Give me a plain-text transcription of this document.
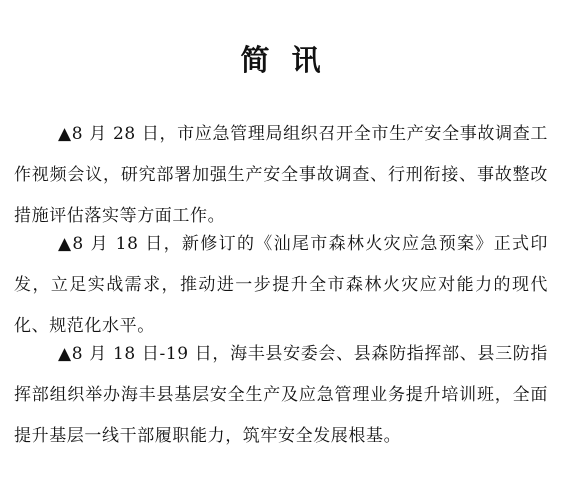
简讯

▲8 月 28 日，市应急管理局组织召开全市生产安全事故调查工作视频会议，研究部署加强生产安全事故调查、行刑衔接、事故整改措施评估落实等方面工作。

▲8 月 18 日，新修订的《汕尾市森林火灾应急预案》正式印发，立足实战需求，推动进一步提升全市森林火灾应对能力的现代化、规范化水平。

▲8 月 18 日-19 日，海丰县安委会、县森防指挥部、县三防指挥部组织举办海丰县基层安全生产及应急管理业务提升培训班，全面提升基层一线干部履职能力，筑牢安全发展根基。
